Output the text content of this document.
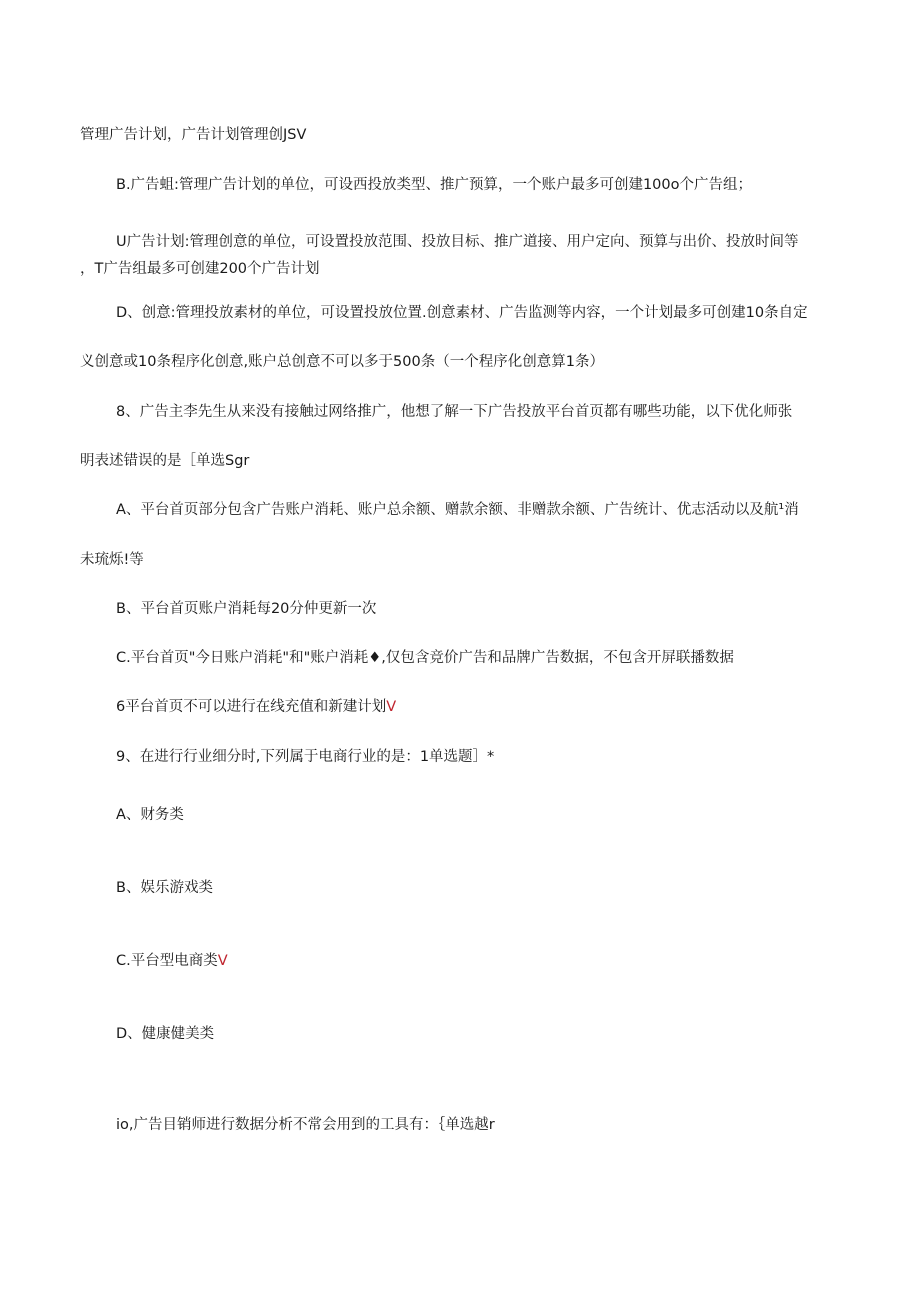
管理广告计划，广告计划管理创JSV
B.广告蛆:管理广告计划的单位，可设西投放类型、推广预算，一个账户最多可创建100o个广告组；
U广告计划:管理创意的单位，可设置投放范围、投放目标、推广道接、用户定向、预算与出价、投放时间等
，T广告组最多可创建200个广告计划
D、创意:管理投放素材的单位，可设置投放位置.创意素材、广告监测等内容，一个计划最多可创建10条自定
义创意或10条程序化创意,账户总创意不可以多于500条（一个程序化创意算1条）
8、广告主李先生从来没有接触过网络推广，他想了解一下广告投放平台首页都有哪些功能，以下优化师张
明表述错误的是［单选Sgr
A、平台首页部分包含广告账户消耗、账户总余额、赠款余额、非赠款余额、广告统计、优志活动以及航¹消
未琉烁!等
B、平台首页账户消耗每20分仲更新一次
C.平台首页"今日账户消耗"和"账户消耗♦,仅包含竞价广告和品牌广告数据，不包含开屏联播数据
6平台首页不可以进行在线充值和新建计划V
9、在进行行业细分时,下列属于电商行业的是：1单选题］*
A、财务类
B、娱乐游戏类
C.平台型电商类V
D、健康健美类
io,广告目销师进行数据分析不常会用到的工具有：｛单选越r
